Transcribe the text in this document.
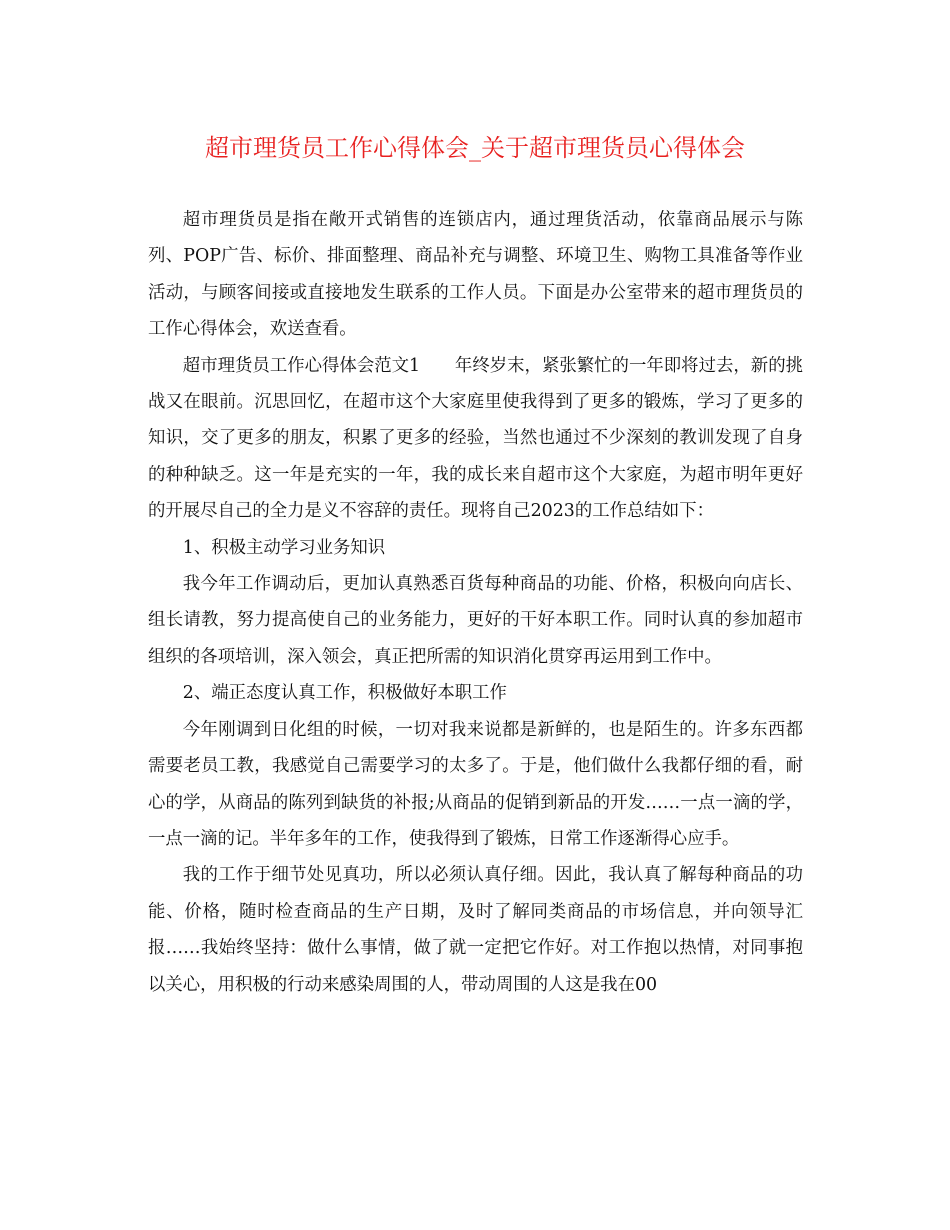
超市理货员工作心得体会_关于超市理货员心得体会

超市理货员是指在敞开式销售的连锁店内，通过理货活动，依靠商品展示与陈列、POP广告、标价、排面整理、商品补充与调整、环境卫生、购物工具准备等作业活动，与顾客间接或直接地发生联系的工作人员。下面是办公室带来的超市理货员的工作心得体会，欢送查看。

超市理货员工作心得体会范文1　　年终岁末，紧张繁忙的一年即将过去，新的挑战又在眼前。沉思回忆，在超市这个大家庭里使我得到了更多的锻炼，学习了更多的知识，交了更多的朋友，积累了更多的经验，当然也通过不少深刻的教训发现了自身的种种缺乏。这一年是充实的一年，我的成长来自超市这个大家庭，为超市明年更好的开展尽自己的全力是义不容辞的责任。现将自己2023的工作总结如下：

1、积极主动学习业务知识

我今年工作调动后，更加认真熟悉百货每种商品的功能、价格，积极向向店长、组长请教，努力提高使自己的业务能力，更好的干好本职工作。同时认真的参加超市组织的各项培训，深入领会，真正把所需的知识消化贯穿再运用到工作中。

2、端正态度认真工作，积极做好本职工作

今年刚调到日化组的时候，一切对我来说都是新鲜的，也是陌生的。许多东西都需要老员工教，我感觉自己需要学习的太多了。于是，他们做什么我都仔细的看，耐心的学，从商品的陈列到缺货的补报;从商品的促销到新品的开发……一点一滴的学，一点一滴的记。半年多年的工作，使我得到了锻炼，日常工作逐渐得心应手。

我的工作于细节处见真功，所以必须认真仔细。因此，我认真了解每种商品的功能、价格，随时检查商品的生产日期，及时了解同类商品的市场信息，并向领导汇报……我始终坚持：做什么事情，做了就一定把它作好。对工作抱以热情，对同事抱以关心，用积极的行动来感染周围的人，带动周围的人这是我在00
